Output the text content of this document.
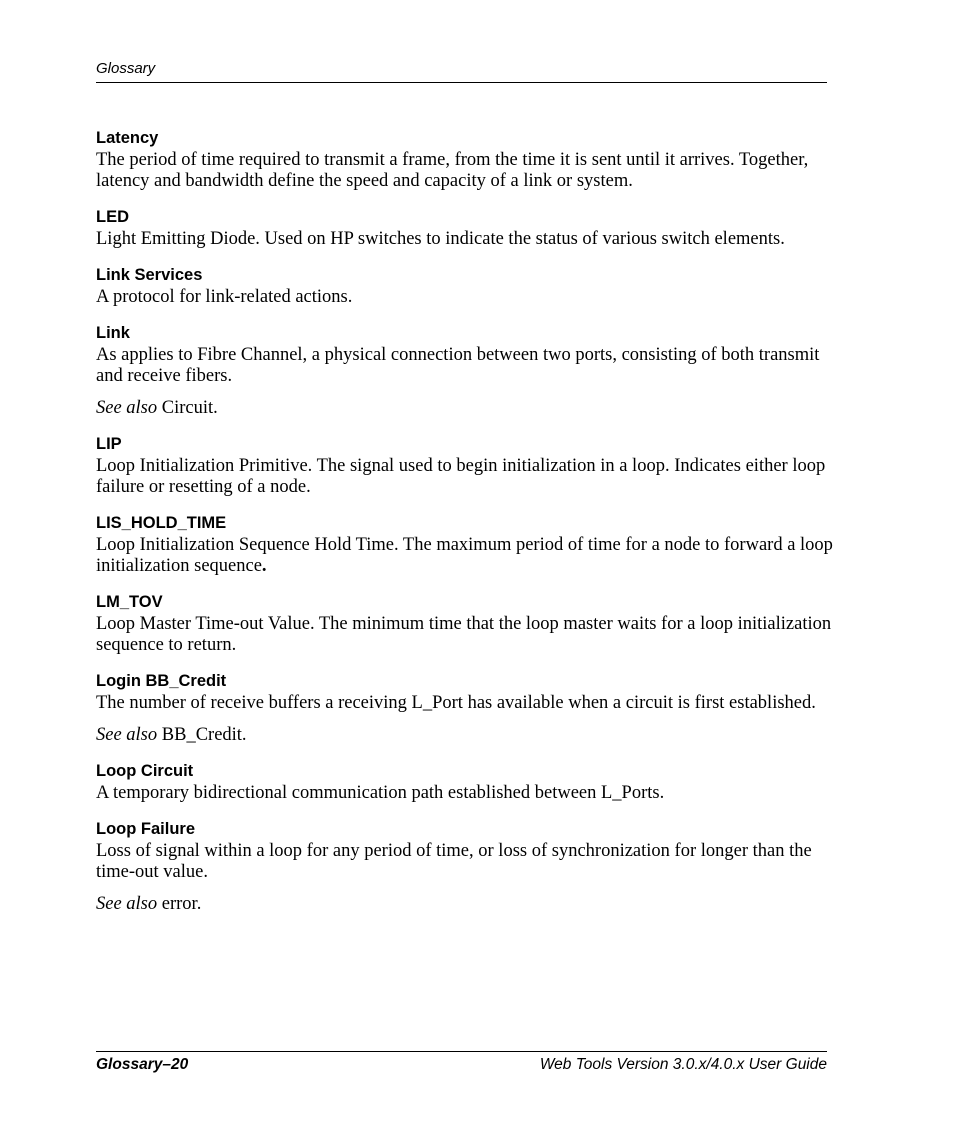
Glossary
Latency
The period of time required to transmit a frame, from the time it is sent until it arrives. Together, latency and bandwidth define the speed and capacity of a link or system.
LED
Light Emitting Diode. Used on HP switches to indicate the status of various switch elements.
Link Services
A protocol for link-related actions.
Link
As applies to Fibre Channel, a physical connection between two ports, consisting of both transmit and receive fibers.
See also Circuit.
LIP
Loop Initialization Primitive. The signal used to begin initialization in a loop. Indicates either loop failure or resetting of a node.
LIS_HOLD_TIME
Loop Initialization Sequence Hold Time. The maximum period of time for a node to forward a loop initialization sequence.
LM_TOV
Loop Master Time-out Value. The minimum time that the loop master waits for a loop initialization sequence to return.
Login BB_Credit
The number of receive buffers a receiving L_Port has available when a circuit is first established.
See also BB_Credit.
Loop Circuit
A temporary bidirectional communication path established between L_Ports.
Loop Failure
Loss of signal within a loop for any period of time, or loss of synchronization for longer than the time-out value.
See also error.
Glossary–20	Web Tools Version 3.0.x/4.0.x User Guide
